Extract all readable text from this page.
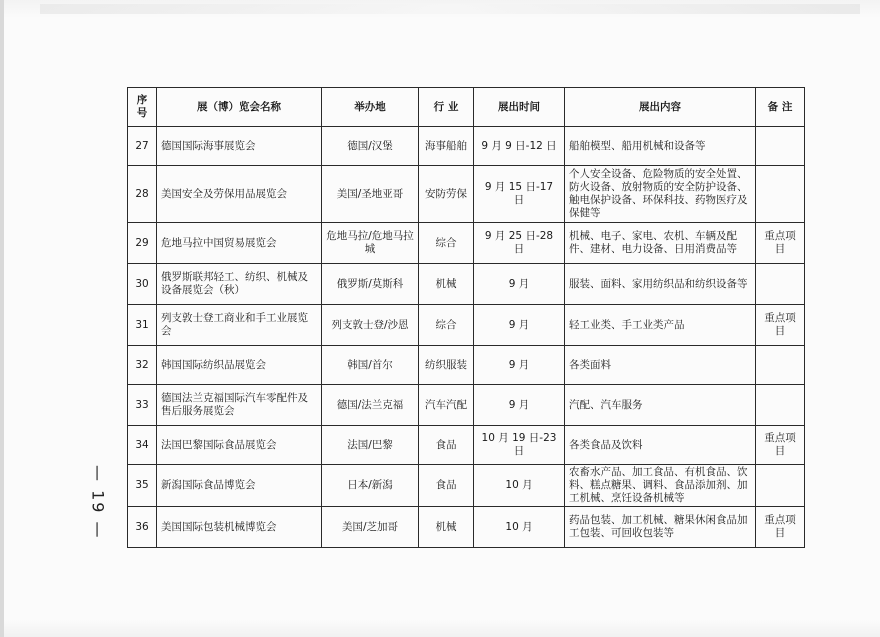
— 19 —
序号	展（博）览会名称	举办地	行 业	展出时间	展出内容	备 注
27	德国国际海事展览会	德国/汉堡	海事船舶	9 月 9 日-12 日	船舶模型、船用机械和设备等	
28	美国安全及劳保用品展览会	美国/圣地亚哥	安防劳保	9 月 15 日-17 日	个人安全设备、危险物质的安全处置、防火设备、放射物质的安全防护设备、触电保护设备、环保科技、药物医疗及保健等	
29	危地马拉中国贸易展览会	危地马拉/危地马拉城	综合	9 月 25 日-28 日	机械、电子、家电、农机、车辆及配件、建材、电力设备、日用消费品等	重点项目
30	俄罗斯联邦轻工、纺织、机械及设备展览会（秋）	俄罗斯/莫斯科	机械	9 月	服装、面料、家用纺织品和纺织设备等	
31	列支敦士登工商业和手工业展览会	列支敦士登/沙恩	综合	9 月	轻工业类、手工业类产品	重点项目
32	韩国国际纺织品展览会	韩国/首尔	纺织服装	9 月	各类面料	
33	德国法兰克福国际汽车零配件及售后服务展览会	德国/法兰克福	汽车汽配	9 月	汽配、汽车服务	
34	法国巴黎国际食品展览会	法国/巴黎	食品	10 月 19 日-23 日	各类食品及饮料	重点项目
35	新潟国际食品博览会	日本/新潟	食品	10 月	农畜水产品、加工食品、有机食品、饮料、糕点糖果、调料、食品添加剂、加工机械、烹饪设备机械等	
36	美国国际包装机械博览会	美国/芝加哥	机械	10 月	药品包装、加工机械、糖果休闲食品加工包装、可回收包装等	重点项目
